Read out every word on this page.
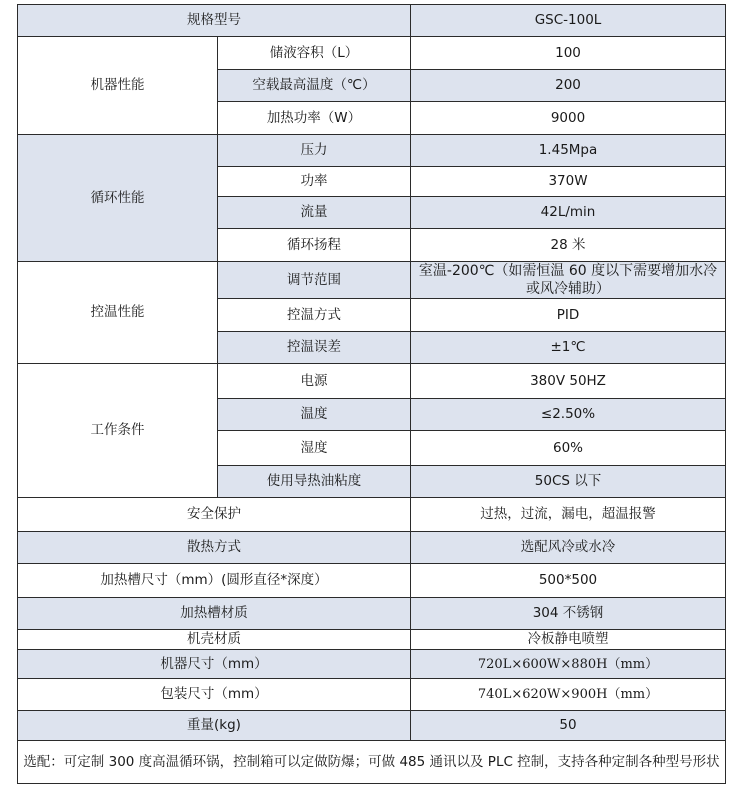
规格型号		GSC-100L
机器性能	储液容积（L）	100
	空载最高温度（℃）	200
	加热功率（W）	9000
循环性能	压力	1.45Mpa
	功率	370W
	流量	42L/min
	循环扬程	28 米
控温性能	调节范围	室温-200℃（如需恒温 60 度以下需要增加水冷或风冷辅助）
	控温方式	PID
	控温误差	±1℃
工作条件	电源	380V 50HZ
	温度	≤2.50%
	湿度	60%
	使用导热油粘度	50CS 以下
安全保护		过热，过流，漏电，超温报警
散热方式		选配风冷或水冷
加热槽尺寸（mm）(圆形直径*深度）		500*500
加热槽材质		304 不锈钢
机壳材质		冷板静电喷塑
机器尺寸（mm）		720L×600W×880H（mm）
包装尺寸（mm）		740L×620W×900H（mm）
重量(kg)		50
选配：可定制 300 度高温循环锅，控制箱可以定做防爆；可做 485 通讯以及 PLC 控制，支持各种定制各种型号形状		
